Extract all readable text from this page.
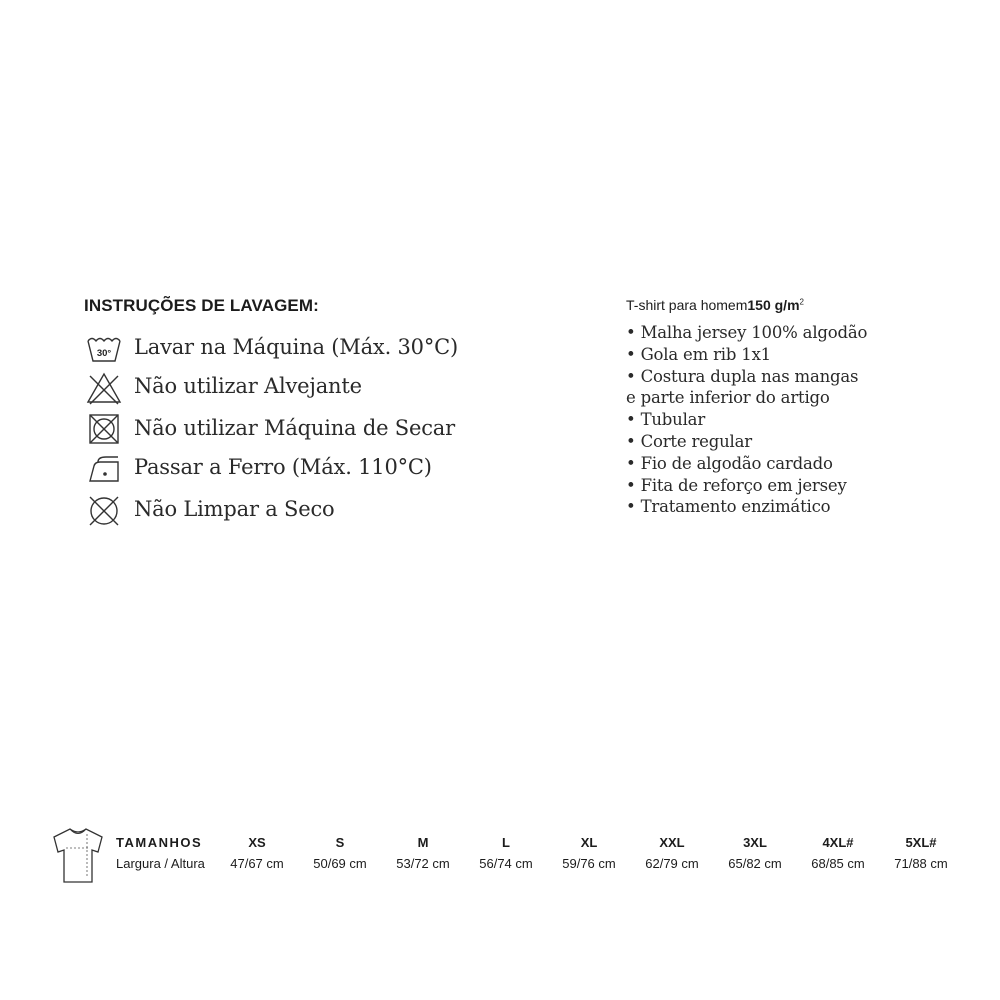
INSTRUÇÕES DE LAVAGEM:
30° Lavar na Máquina (Máx. 30°C)
Não utilizar Alvejante
Não utilizar Máquina de Secar
Passar a Ferro (Máx. 110°C)
Não Limpar a Seco
T-shirt para homem150 $g/m^2$
• Malha jersey 100% algodão
• Gola em rib 1x1
• Costura dupla nas mangas
e parte inferior do artigo
• Tubular
• Corte regular
• Fio de algodão cardado
• Fita de reforço em jersey
• Tratamento enzimático
TAMANHOS	XS	S	M	L	XL	XXL	3XL	4XL#	5XL#
Largura / Altura	47/67 cm	50/69 cm	53/72 cm	56/74 cm	59/76 cm	62/79 cm	65/82 cm	68/85 cm	71/88 cm
